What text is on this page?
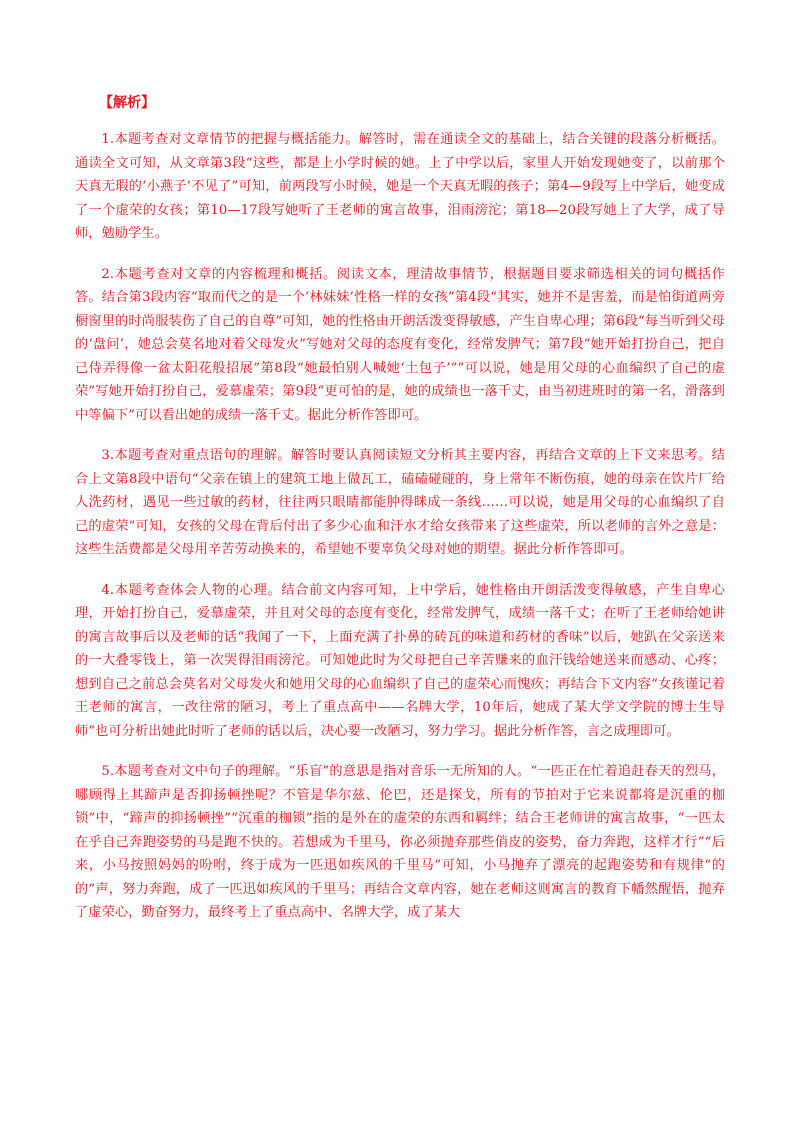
【解析】

1.本题考查对文章情节的把握与概括能力。解答时，需在通读全文的基础上，结合关键的段落分析概括。通读全文可知，从文章第3段“这些，都是上小学时候的她。上了中学以后，家里人开始发现她变了，以前那个天真无瑕的‘小燕子’不见了”可知，前两段写小时候，她是一个天真无暇的孩子；第4—9段写上中学后，她变成了一个虚荣的女孩；第10—17段写她听了王老师的寓言故事，泪雨滂沱；第18—20段写她上了大学，成了导师，勉励学生。

2.本题考查对文章的内容梳理和概括。阅读文本，理清故事情节，根据题目要求筛选相关的词句概括作答。结合第3段内容“取而代之的是一个‘林妹妹’性格一样的女孩”第4段“其实，她并不是害羞，而是怕街道两旁橱窗里的时尚服装伤了自己的自尊”可知，她的性格由开朗活泼变得敏感，产生自卑心理；第6段“每当听到父母的‘盘问’，她总会莫名地对着父母发火”写她对父母的态度有变化，经常发脾气；第7段“她开始打扮自己，把自己侍弄得像一盆太阳花般招展”第8段“她最怕别人喊她‘土包子’”“可以说，她是用父母的心血编织了自己的虚荣”写她开始打扮自己，爱慕虚荣；第9段“更可怕的是，她的成绩也一落千丈，由当初进班时的第一名，滑落到中等偏下”可以看出她的成绩一落千丈。据此分析作答即可。

3.本题考查对重点语句的理解。解答时要认真阅读短文分析其主要内容，再结合文章的上下文来思考。结合上文第8段中语句“父亲在镇上的建筑工地上做瓦工，磕磕碰碰的，身上常年不断伤痕，她的母亲在饮片厂给人洗药材，遇见一些过敏的药材，往往两只眼睛都能肿得眯成一条线……可以说，她是用父母的心血编织了自己的虚荣”可知，女孩的父母在背后付出了多少心血和汗水才给女孩带来了这些虚荣，所以老师的言外之意是：这些生活费都是父母用辛苦劳动换来的，希望她不要辜负父母对她的期望。据此分析作答即可。

4.本题考查体会人物的心理。结合前文内容可知，上中学后，她性格由开朗活泼变得敏感，产生自卑心理，开始打扮自己，爱慕虚荣，并且对父母的态度有变化，经常发脾气，成绩一落千丈；在听了王老师给她讲的寓言故事后以及老师的话“我闻了一下，上面充满了扑鼻的砖瓦的味道和药材的香味”以后，她趴在父亲送来的一大叠零钱上，第一次哭得泪雨滂沱。可知她此时为父母把自己辛苦赚来的血汗钱给她送来而感动、心疼；想到自己之前总会莫名对父母发火和她用父母的心血编织了自己的虚荣心而愧疚；再结合下文内容“女孩谨记着王老师的寓言，一改往常的陋习，考上了重点高中——名牌大学，10年后，她成了某大学文学院的博士生导师”也可分析出她此时听了老师的话以后，决心要一改陋习，努力学习。据此分析作答，言之成理即可。

5.本题考查对文中句子的理解。“乐盲”的意思是指对音乐一无所知的人。“一匹正在忙着追赶春天的烈马，哪顾得上其蹄声是否抑扬顿挫呢？不管是华尔兹、伦巴，还是探戈，所有的节拍对于它来说都将是沉重的枷锁”中，“蹄声的抑扬顿挫”“沉重的枷锁”指的是外在的虚荣的东西和羁绊；结合王老师讲的寓言故事，“一匹太在乎自己奔跑姿势的马是跑不快的。若想成为千里马，你必须抛弃那些俏皮的姿势，奋力奔跑，这样才行”“后来，小马按照妈妈的吩咐，终于成为一匹迅如疾风的千里马”可知，小马抛弃了漂亮的起跑姿势和有规律“的的”声，努力奔跑，成了一匹迅如疾风的千里马；再结合文章内容，她在老师这则寓言的教育下幡然醒悟，抛弃了虚荣心，勤奋努力，最终考上了重点高中、名牌大学，成了某大
